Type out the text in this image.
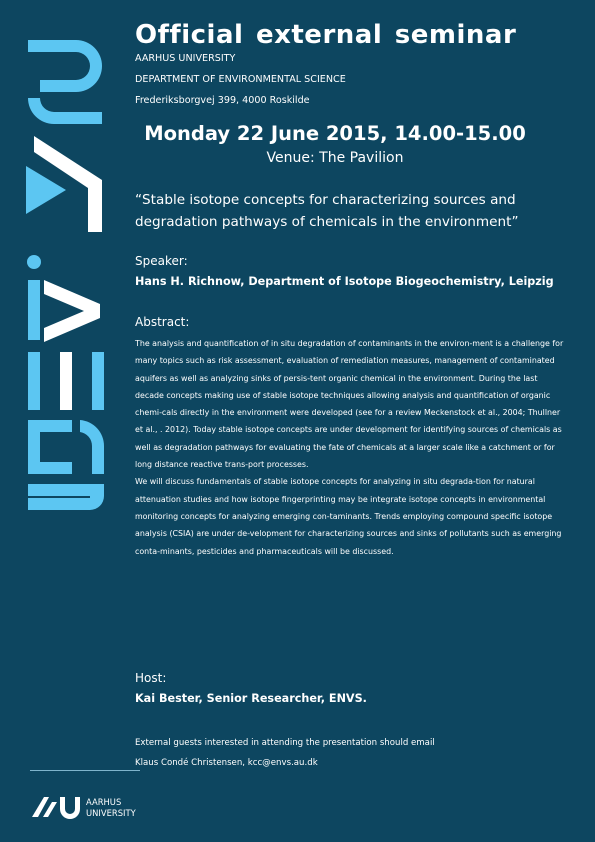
Official external seminar
AARHUS UNIVERSITY
DEPARTMENT OF ENVIRONMENTAL SCIENCE
Frederiksborgvej 399, 4000 Roskilde
Monday 22 June 2015, 14.00-15.00
Venue: The Pavilion
“Stable isotope concepts for characterizing sources and
degradation pathways of chemicals in the environment”
Speaker:
Hans H. Richnow, Department of Isotope Biogeochemistry, Leipzig
Abstract:

The analysis and quantification of in situ degradation of contaminants in the environ-ment is a challenge for many topics such as risk assessment, evaluation of remediation measures, management of contaminated aquifers as well as analyzing sinks of persis-tent organic chemical in the environment. During the last decade concepts making use of stable isotope techniques allowing analysis and quantification of organic chemi-cals directly in the environment were developed (see for a review Meckenstock et al., 2004; Thullner et al., . 2012). Today stable isotope concepts are under development for identifying sources of chemicals as well as degradation pathways for evaluating the fate of chemicals at a larger scale like a catchment or for long distance reactive trans-port processes.

We will discuss fundamentals of stable isotope concepts for analyzing in situ degrada-tion for natural attenuation studies and how isotope fingerprinting may be integrate isotope concepts in environmental monitoring concepts for analyzing emerging con-taminants. Trends employing compound specific isotope analysis (CSIA) are under de-velopment for characterizing sources and sinks of pollutants such as emerging conta-minants, pesticides and pharmaceuticals will be discussed.

Host:
Kai Bester, Senior Researcher, ENVS.
External guests interested in attending the presentation should email
Klaus Condé Christensen, kcc@envs.au.dk
AARHUS
UNIVERSITY
